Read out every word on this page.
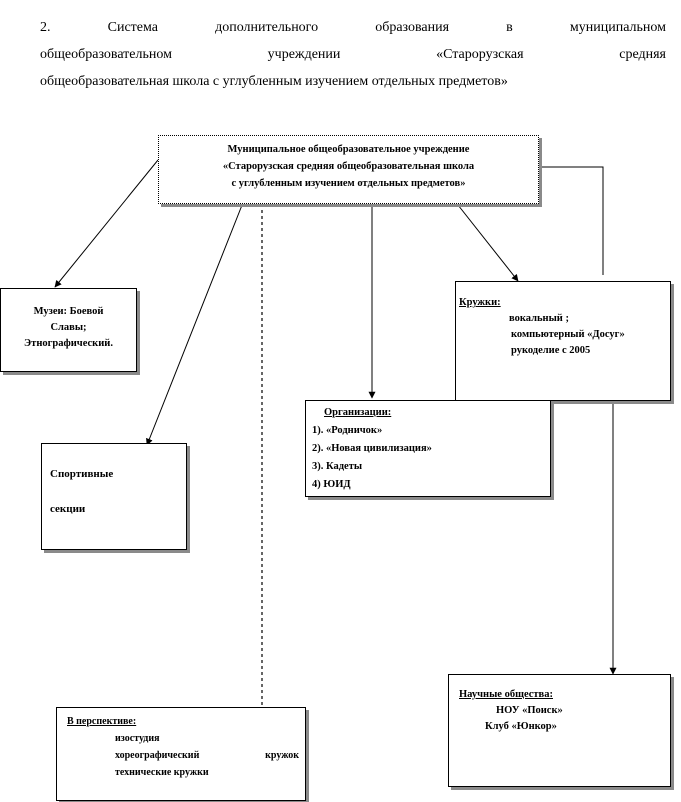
2. Система дополнительного образования в муниципальном

общеобразовательном учреждении «Старорузская средняя

общеобразовательная школа с углубленным изучением отдельных предметов»

Муниципальное общеобразовательное учреждение
«Старорузская средняя общеобразовательная школа
с углубленным изучением отдельных предметов»
Музеи: Боевой
Славы;
Этнографический.
Кружки:
вокальный ;
компьютерный «Досуг»
рукоделие с 2005
Организации:
1). «Родничок»
2). «Новая цивилизация»
3). Кадеты
4) ЮИД
Спортивные
секции
Научные общества:
НОУ «Поиск»
Клуб «Юнкор»
В перспективе:
изостудия
хореографический	кружок
технические кружки
